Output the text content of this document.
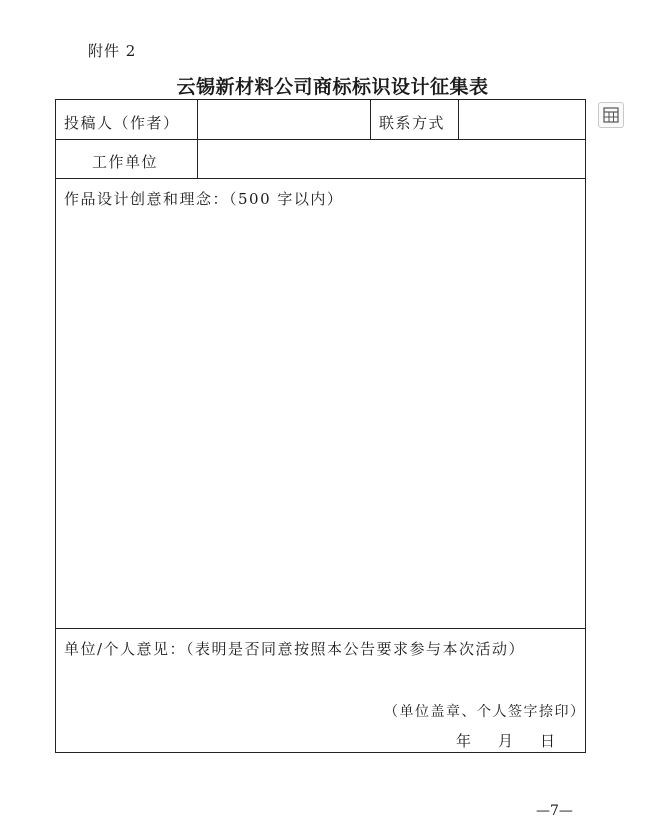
附件 2
云锡新材料公司商标标识设计征集表
投稿人（作者）	联系方式
工作单位
作品设计创意和理念：（500 字以内）
单位/个人意见：（表明是否同意按照本公告要求参与本次活动）
（单位盖章、个人签字捺印）
年　月　日
—7—
